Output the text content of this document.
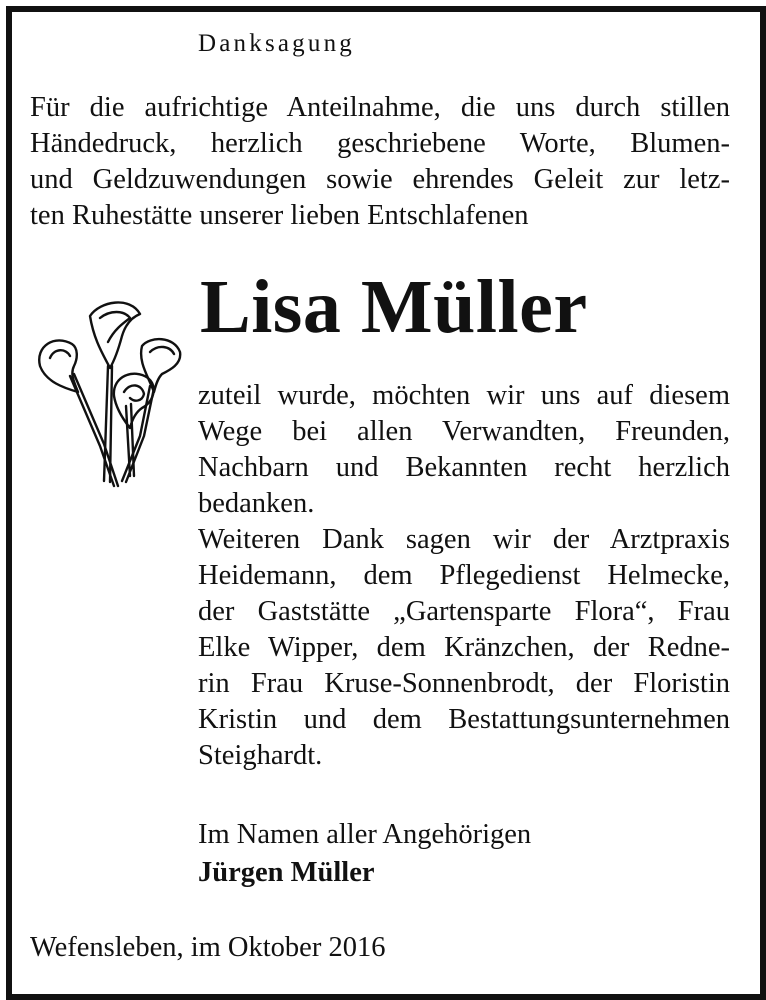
Danksagung
Für die aufrichtige Anteilnahme, die uns durch stillen
Händedruck, herzlich geschriebene Worte, Blumen-
und Geldzuwendungen sowie ehrendes Geleit zur letz-
ten Ruhestätte unserer lieben Entschlafenen
Lisa Müller
zuteil wurde, möchten wir uns auf diesem
Wege bei allen Verwandten, Freunden,
Nachbarn und Bekannten recht herzlich
bedanken.
Weiteren Dank sagen wir der Arztpraxis
Heidemann, dem Pflegedienst Helmecke,
der Gaststätte „Gartensparte Flora“, Frau
Elke Wipper, dem Kränzchen, der Redne-
rin Frau Kruse-Sonnenbrodt, der Floristin
Kristin und dem Bestattungsunternehmen
Steighardt.
Im Namen aller Angehörigen
Jürgen Müller
Wefensleben, im Oktober 2016
